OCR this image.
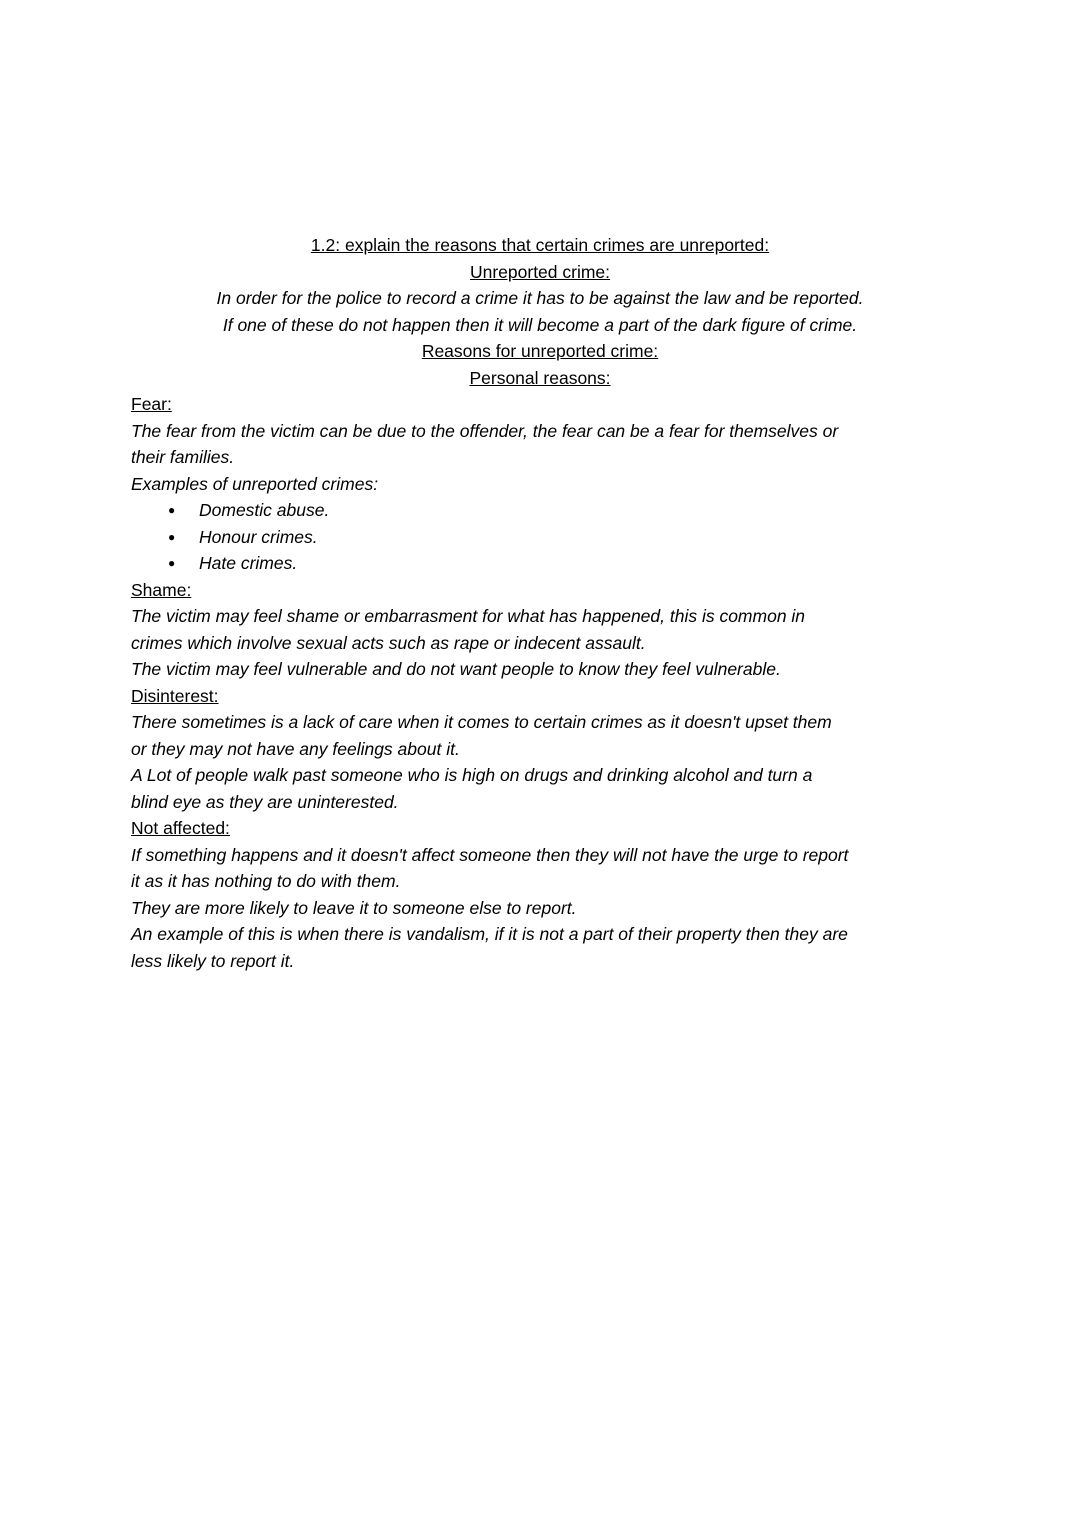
1.2: explain the reasons that certain crimes are unreported:
Unreported crime:

In order for the police to record a crime it has to be against the law and be reported.

If one of these do not happen then it will become a part of the dark figure of crime.

Reasons for unreported crime:
Personal reasons:
Fear:

The fear from the victim can be due to the offender, the fear can be a fear for themselves or

their families.

Examples of unreported crimes:

● Domestic abuse.
● Honour crimes.
● Hate crimes.
Shame:

The victim may feel shame or embarrasment for what has happened, this is common in

crimes which involve sexual acts such as rape or indecent assault.

The victim may feel vulnerable and do not want people to know they feel vulnerable.

Disinterest:

There sometimes is a lack of care when it comes to certain crimes as it doesn't upset them

or they may not have any feelings about it.

A Lot of people walk past someone who is high on drugs and drinking alcohol and turn a

blind eye as they are uninterested.

Not affected:

If something happens and it doesn't affect someone then they will not have the urge to report

it as it has nothing to do with them.

They are more likely to leave it to someone else to report.

An example of this is when there is vandalism, if it is not a part of their property then they are

less likely to report it.
